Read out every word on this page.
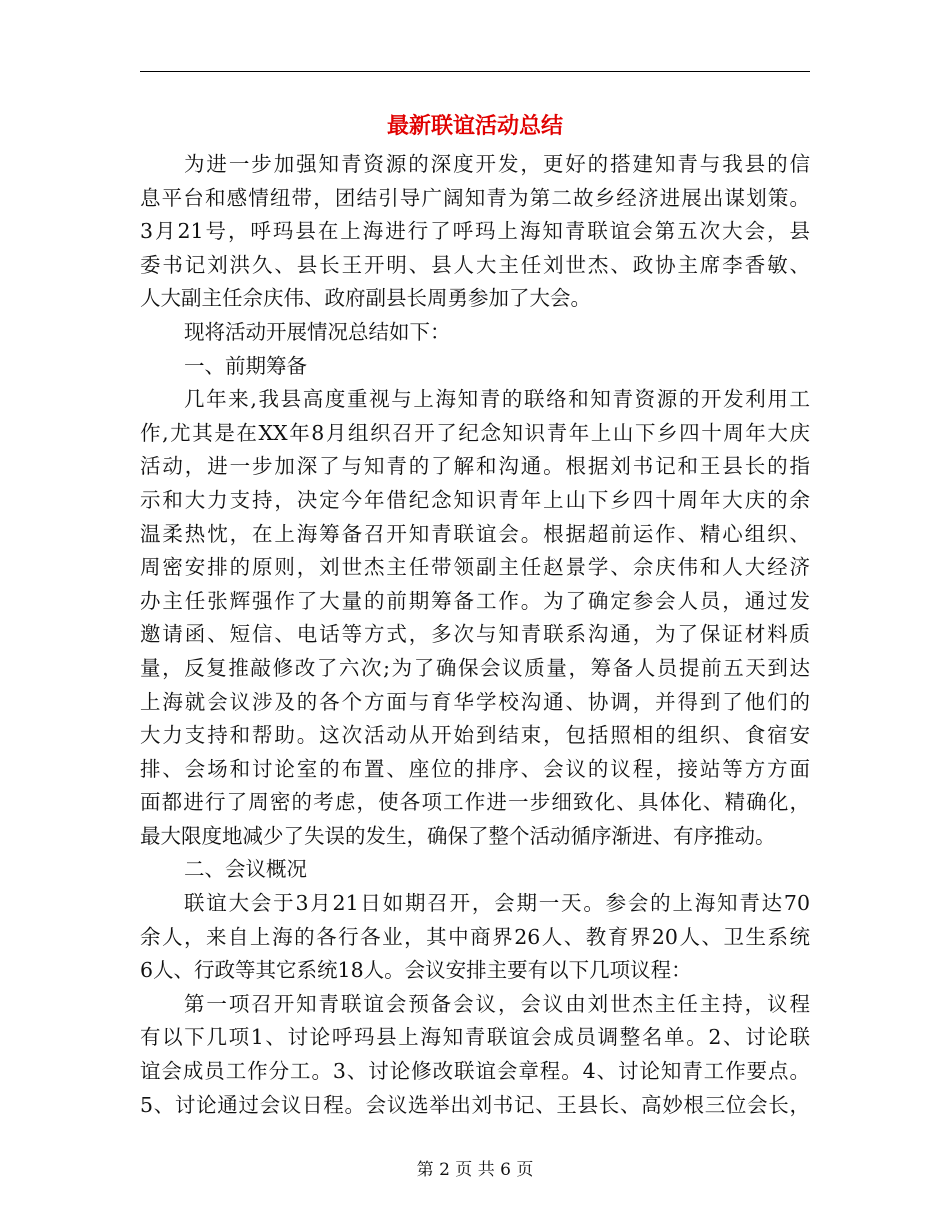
最新联谊活动总结
为进一步加强知青资源的深度开发，更好的搭建知青与我县的信
息平台和感情纽带，团结引导广阔知青为第二故乡经济进展出谋划策。
3月21号，呼玛县在上海进行了呼玛上海知青联谊会第五次大会，县
委书记刘洪久、县长王开明、县人大主任刘世杰、政协主席李香敏、
人大副主任佘庆伟、政府副县长周勇参加了大会。
现将活动开展情况总结如下：
一、前期筹备
几年来,我县高度重视与上海知青的联络和知青资源的开发利用工
作,尤其是在XX年8月组织召开了纪念知识青年上山下乡四十周年大庆
活动，进一步加深了与知青的了解和沟通。根据刘书记和王县长的指
示和大力支持，决定今年借纪念知识青年上山下乡四十周年大庆的余
温柔热忱，在上海筹备召开知青联谊会。根据超前运作、精心组织、
周密安排的原则，刘世杰主任带领副主任赵景学、佘庆伟和人大经济
办主任张辉强作了大量的前期筹备工作。为了确定参会人员，通过发
邀请函、短信、电话等方式，多次与知青联系沟通，为了保证材料质
量，反复推敲修改了六次;为了确保会议质量，筹备人员提前五天到达
上海就会议涉及的各个方面与育华学校沟通、协调，并得到了他们的
大力支持和帮助。这次活动从开始到结束，包括照相的组织、食宿安
排、会场和讨论室的布置、座位的排序、会议的议程，接站等方方面
面都进行了周密的考虑，使各项工作进一步细致化、具体化、精确化，
最大限度地减少了失误的发生，确保了整个活动循序渐进、有序推动。
二、会议概况
联谊大会于3月21日如期召开，会期一天。参会的上海知青达70
余人，来自上海的各行各业，其中商界26人、教育界20人、卫生系统
6人、行政等其它系统18人。会议安排主要有以下几项议程：
第一项召开知青联谊会预备会议，会议由刘世杰主任主持，议程
有以下几项1、讨论呼玛县上海知青联谊会成员调整名单。2、讨论联
谊会成员工作分工。3、讨论修改联谊会章程。4、讨论知青工作要点。
5、讨论通过会议日程。会议选举出刘书记、王县长、高妙根三位会长，
第 2 页 共 6 页
